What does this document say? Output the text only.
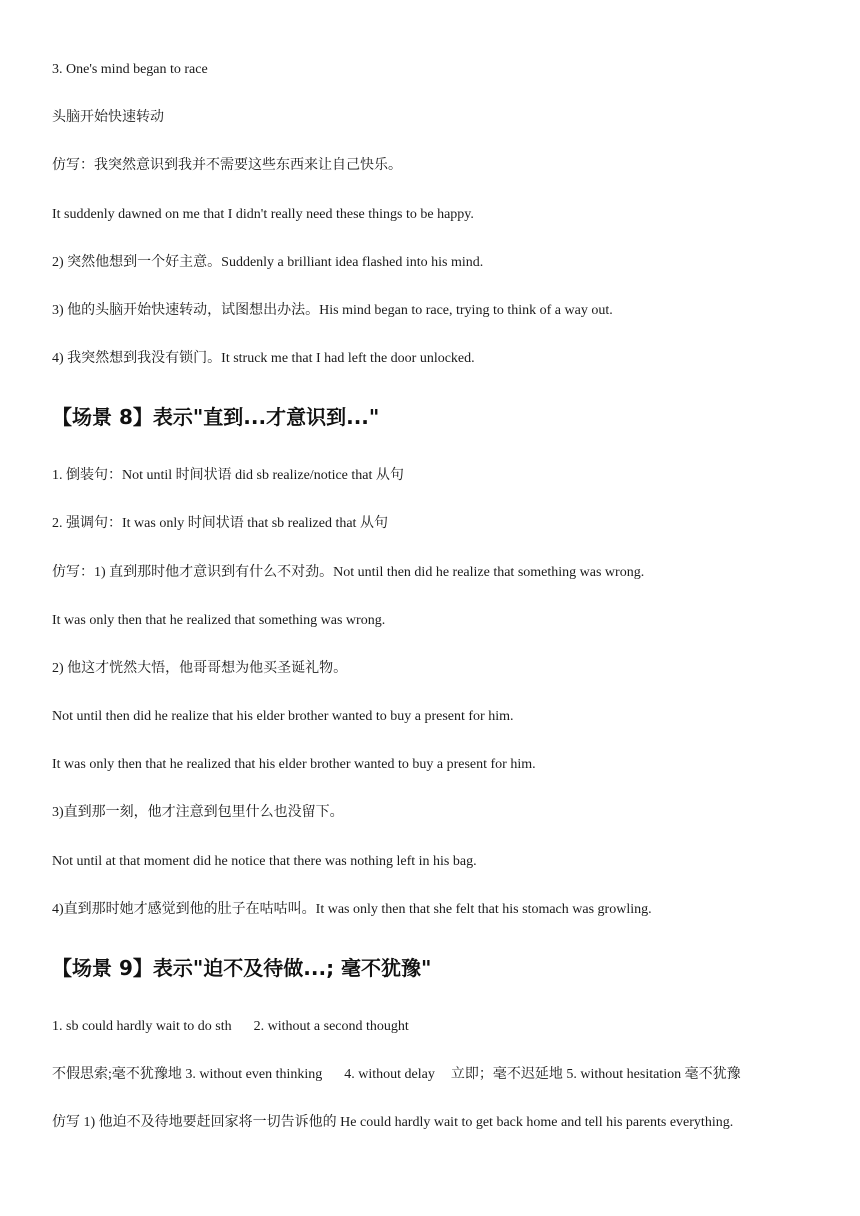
3. One's mind began to race
头脑开始快速转动
仿写：我突然意识到我并不需要这些东西来让自己快乐。
It suddenly dawned on me that I didn't really need these things to be happy.
2) 突然他想到一个好主意。Suddenly a brilliant idea flashed into his mind.
3) 他的头脑开始快速转动，试图想出办法。His mind began to race, trying to think of a way out.
4) 我突然想到我没有锁门。It struck me that I had left the door unlocked.
【场景 8】表示"直到...才意识到..."
1. 倒装句：Not until 时间状语 did sb realize/notice that 从句
2. 强调句：It was only 时间状语 that sb realized that 从句
仿写：1) 直到那时他才意识到有什么不对劲。Not until then did he realize that something was wrong.
It was only then that he realized that something was wrong.
2) 他这才恍然大悟，他哥哥想为他买圣诞礼物。
Not until then did he realize that his elder brother wanted to buy a present for him.
It was only then that he realized that his elder brother wanted to buy a present for him.
3)直到那一刻，他才注意到包里什么也没留下。
Not until at that moment did he notice that there was nothing left in his bag.
4)直到那时她才感觉到他的肚子在咕咕叫。It was only then that she felt that his stomach was growling.
【场景 9】表示"迫不及待做...; 毫不犹豫"
1. sb could hardly wait to do sth 2. without a second thought
不假思索;毫不犹豫地 3. without even thinking 4. without delay 立即；毫不迟延地 5. without hesitation 毫不犹豫
仿写 1) 他迫不及待地要赶回家将一切告诉他的 He could hardly wait to get back home and tell his parents everything.
